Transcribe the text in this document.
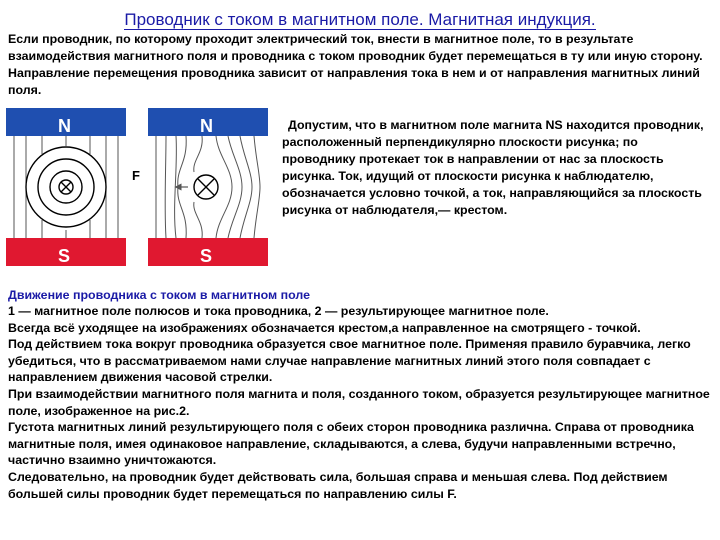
Проводник с током в магнитном поле. Магнитная индукция.
Если проводник, по которому проходит электрический ток, внести в магнитное поле, то в результате взаимодействия магнитного поля и проводника с током проводник будет перемещаться в ту или иную сторону. Направление перемещения проводника зависит от направления тока в нем и от направления магнитных линий поля.
N
S
F
N
S
Допустим, что в магнитном поле магнита NS находится проводник, расположенный перпендикулярно плоскости рисунка; по проводнику протекает ток в направлении от нас за плоскость рисунка. Ток, идущий от плоскости рисунка к наблюдателю, обозначается условно точкой, а ток, направляющийся за плоскость рисунка от наблюдателя,— крестом.
Движение проводника с током в магнитном поле

1 — магнитное поле полюсов и тока проводника, 2 — результирующее магнитное поле.

Всегда всё уходящее на изображениях обозначается крестом,а направленное на смотрящего - точкой.

Под действием тока вокруг проводника образуется свое магнитное поле. Применяя правило буравчика, легко убедиться, что в рассматриваемом нами случае направление магнитных линий этого поля совпадает с направлением движения часовой стрелки.

При взаимодействии магнитного поля магнита и поля, созданного током, образуется результирующее магнитное поле, изображенное на рис.2.

Густота магнитных линий результирующего поля с обеих сторон проводника различна. Справа от проводника магнитные поля, имея одинаковое направление, складываются, а слева, будучи направленными встречно, частично взаимно уничтожаются.

Следовательно, на проводник будет действовать сила, большая справа и меньшая слева. Под действием большей силы проводник будет перемещаться по направлению силы F.
